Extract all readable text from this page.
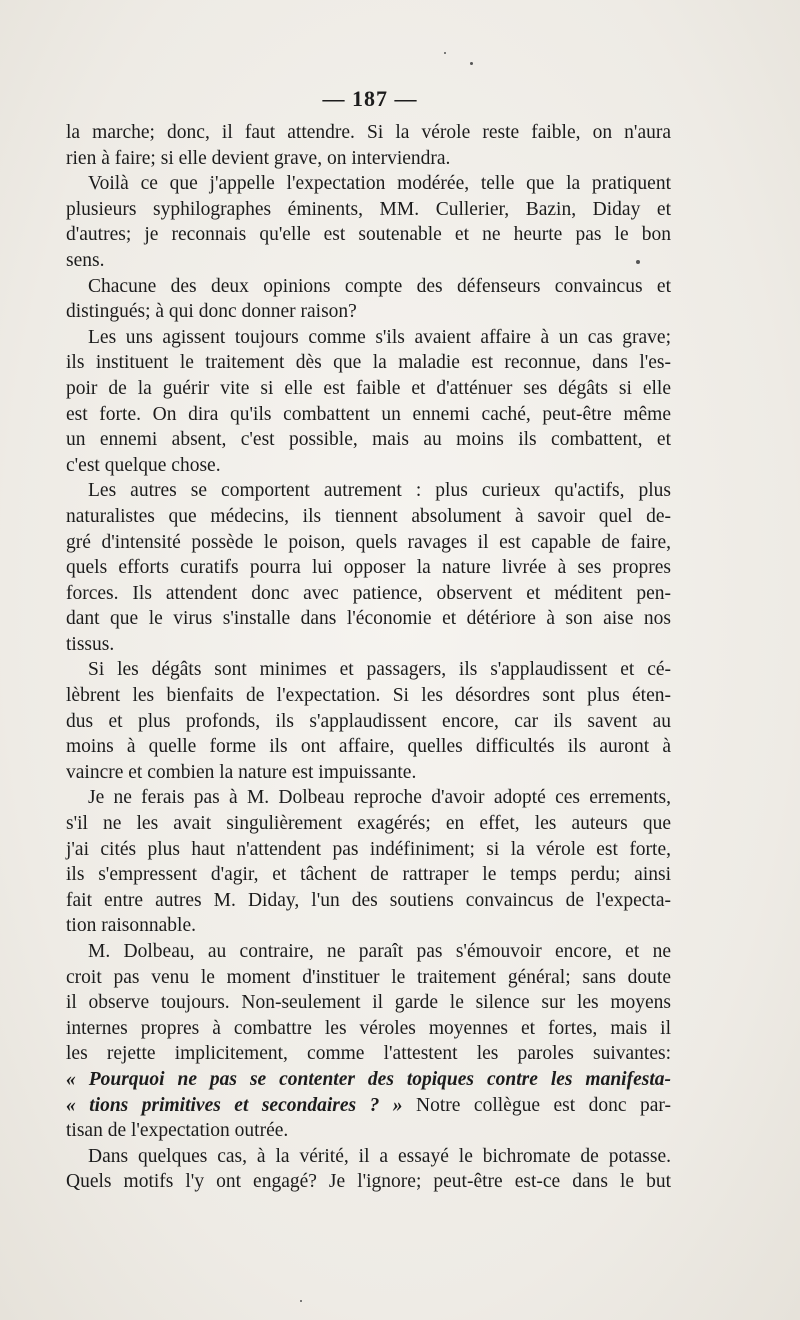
— 187 —
la marche; donc, il faut attendre. Si la vérole reste faible, on n'aura
rien à faire; si elle devient grave, on interviendra.
Voilà ce que j'appelle l'expectation modérée, telle que la pratiquent
plusieurs syphilographes éminents, MM. Cullerier, Bazin, Diday et
d'autres; je reconnais qu'elle est soutenable et ne heurte pas le bon
sens.
Chacune des deux opinions compte des défenseurs convaincus et
distingués; à qui donc donner raison?
Les uns agissent toujours comme s'ils avaient affaire à un cas grave;
ils instituent le traitement dès que la maladie est reconnue, dans l'es-
poir de la guérir vite si elle est faible et d'atténuer ses dégâts si elle
est forte. On dira qu'ils combattent un ennemi caché, peut-être même
un ennemi absent, c'est possible, mais au moins ils combattent, et
c'est quelque chose.
Les autres se comportent autrement : plus curieux qu'actifs, plus
naturalistes que médecins, ils tiennent absolument à savoir quel de-
gré d'intensité possède le poison, quels ravages il est capable de faire,
quels efforts curatifs pourra lui opposer la nature livrée à ses propres
forces. Ils attendent donc avec patience, observent et méditent pen-
dant que le virus s'installe dans l'économie et détériore à son aise nos
tissus.
Si les dégâts sont minimes et passagers, ils s'applaudissent et cé-
lèbrent les bienfaits de l'expectation. Si les désordres sont plus éten-
dus et plus profonds, ils s'applaudissent encore, car ils savent au
moins à quelle forme ils ont affaire, quelles difficultés ils auront à
vaincre et combien la nature est impuissante.
Je ne ferais pas à M. Dolbeau reproche d'avoir adopté ces errements,
s'il ne les avait singulièrement exagérés; en effet, les auteurs que
j'ai cités plus haut n'attendent pas indéfiniment; si la vérole est forte,
ils s'empressent d'agir, et tâchent de rattraper le temps perdu; ainsi
fait entre autres M. Diday, l'un des soutiens convaincus de l'expecta-
tion raisonnable.
M. Dolbeau, au contraire, ne paraît pas s'émouvoir encore, et ne
croit pas venu le moment d'instituer le traitement général; sans doute
il observe toujours. Non-seulement il garde le silence sur les moyens
internes propres à combattre les véroles moyennes et fortes, mais il
les rejette implicitement, comme l'attestent les paroles suivantes:
« Pourquoi ne pas se contenter des topiques contre les manifesta-
« tions primitives et secondaires ? » Notre collègue est donc par-
tisan de l'expectation outrée.
Dans quelques cas, à la vérité, il a essayé le bichromate de potasse.
Quels motifs l'y ont engagé? Je l'ignore; peut-être est-ce dans le but
